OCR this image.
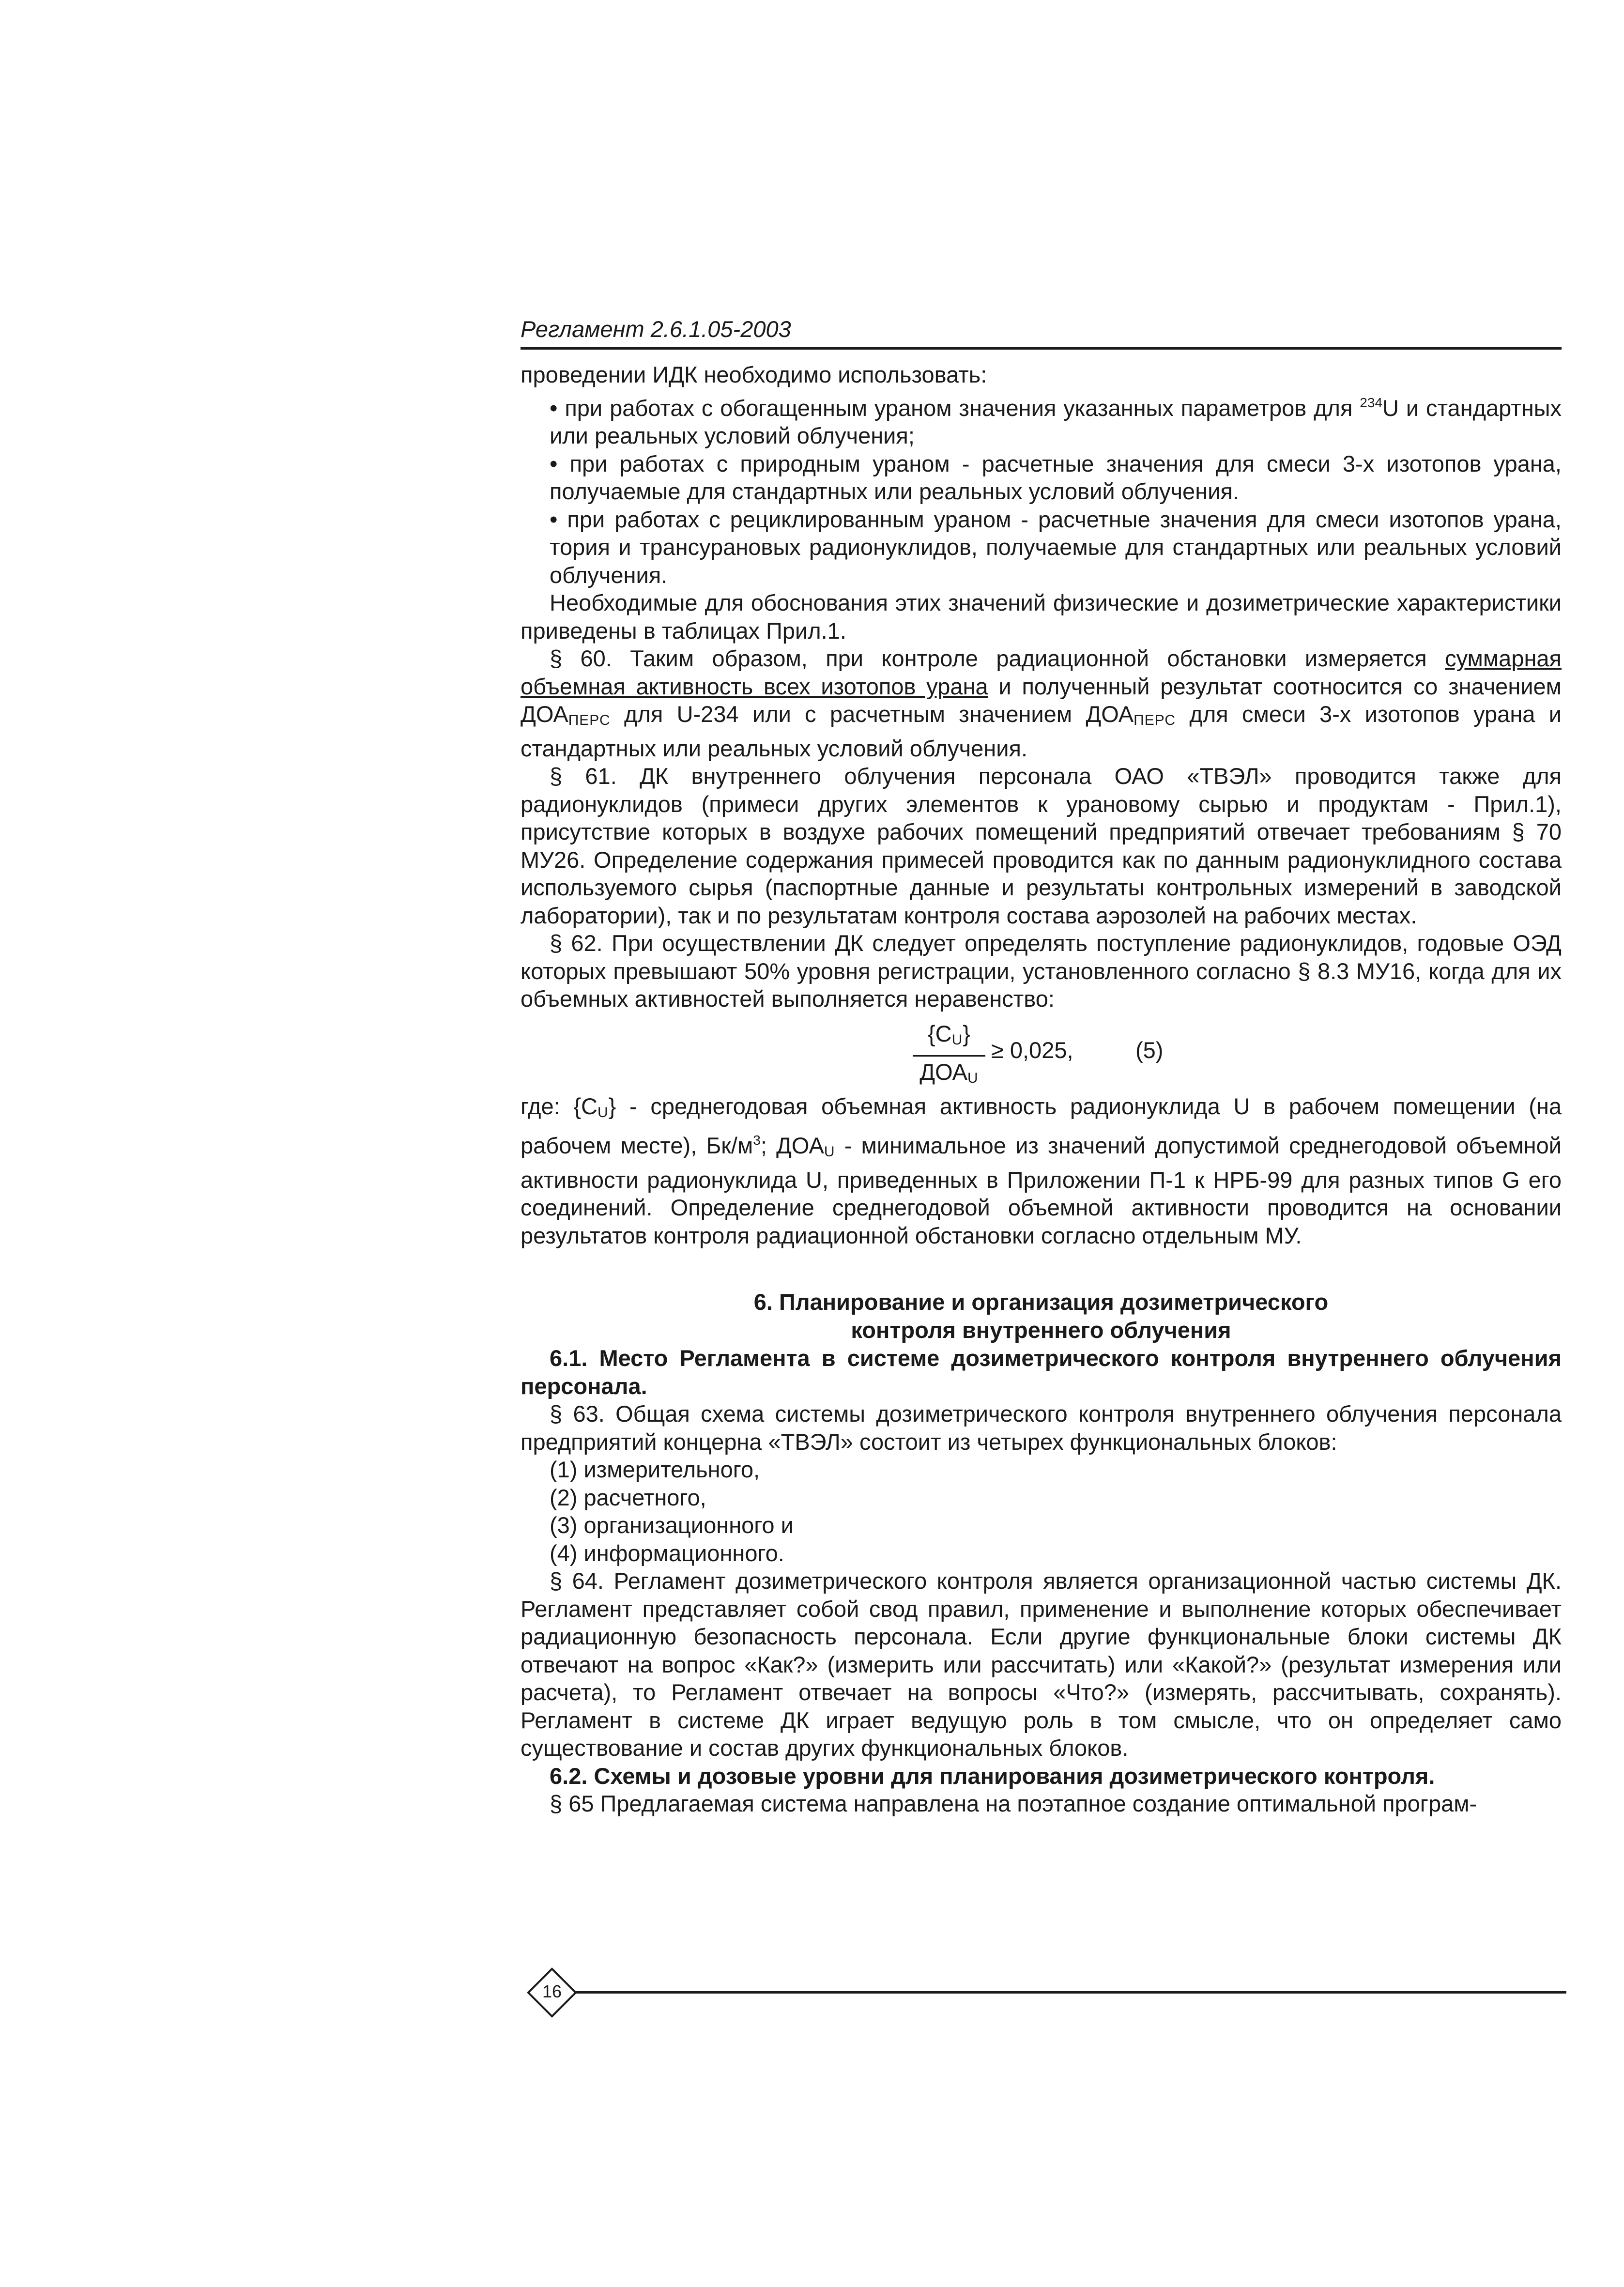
Регламент 2.6.1.05-2003

проведении ИДК необходимо использовать:

• при работах с обогащенным ураном значения указанных параметров для $^{234}$U и стандартных или реальных условий облучения;

• при работах с природным ураном - расчетные значения для смеси 3-х изотопов урана, получаемые для стандартных или реальных условий облучения.

• при работах с рециклированным ураном - расчетные значения для смеси изотопов урана, тория и трансурановых радионуклидов, получаемые для стандартных или реальных условий облучения.

Необходимые для обоснования этих значений физические и дозиметрические характеристики приведены в таблицах Прил.1.

§ 60. Таким образом, при контроле радиационной обстановки измеряется суммарная объемная активность всех изотопов урана и полученный результат соотносится со значением $ДОА_{ПЕРС}$ для U-234 или с расчетным значением $ДОА_{ПЕРС}$ для смеси 3-х изотопов урана и стандартных или реальных условий облучения.

§ 61. ДК внутреннего облучения персонала ОАО «ТВЭЛ» проводится также для радионуклидов (примеси других элементов к урановому сырью и продуктам - Прил.1), присутствие которых в воздухе рабочих помещений предприятий отвечает требованиям § 70 МУ26. Определение содержания примесей проводится как по данным радионуклидного состава используемого сырья (паспортные данные и результаты контрольных измерений в заводской лаборатории), так и по результатам контроля состава аэрозолей на рабочих местах.

§ 62. При осуществлении ДК следует определять поступление радионуклидов, годовые ОЭД которых превышают 50% уровня регистрации, установленного согласно § 8.3 МУ16, когда для их объемных активностей выполняется неравенство:

$\{C_U\}$
$ДОА_U$
≥ 0,025,	(5)

где: $\{C_U\}$ - среднегодовая объемная активность радионуклида U в рабочем помещении (на рабочем месте), $Бк/м^3$; $ДОА_U$ - минимальное из значений допустимой среднегодовой объемной активности радионуклида U, приведенных в Приложении П-1 к НРБ-99 для разных типов G его соединений. Определение среднегодовой объемной активности проводится на основании результатов контроля радиационной обстановки согласно отдельным МУ.

6. Планирование и организация дозиметрического
контроля внутреннего облучения

6.1. Место Регламента в системе дозиметрического контроля внутреннего облучения персонала.

§ 63. Общая схема системы дозиметрического контроля внутреннего облучения персонала предприятий концерна «ТВЭЛ» состоит из четырех функциональных блоков:

(1) измерительного,

(2) расчетного,

(3) организационного и

(4) информационного.

§ 64. Регламент дозиметрического контроля является организационной частью системы ДК. Регламент представляет собой свод правил, применение и выполнение которых обеспечивает радиационную безопасность персонала. Если другие функциональные блоки системы ДК отвечают на вопрос «Как?» (измерить или рассчитать) или «Какой?» (результат измерения или расчета), то Регламент отвечает на вопросы «Что?» (измерять, рассчитывать, сохранять). Регламент в системе ДК играет ведущую роль в том смысле, что он определяет само существование и состав других функциональных блоков.

6.2. Схемы и дозовые уровни для планирования дозиметрического контроля.

§ 65 Предлагаемая система направлена на поэтапное создание оптимальной програм-

16
